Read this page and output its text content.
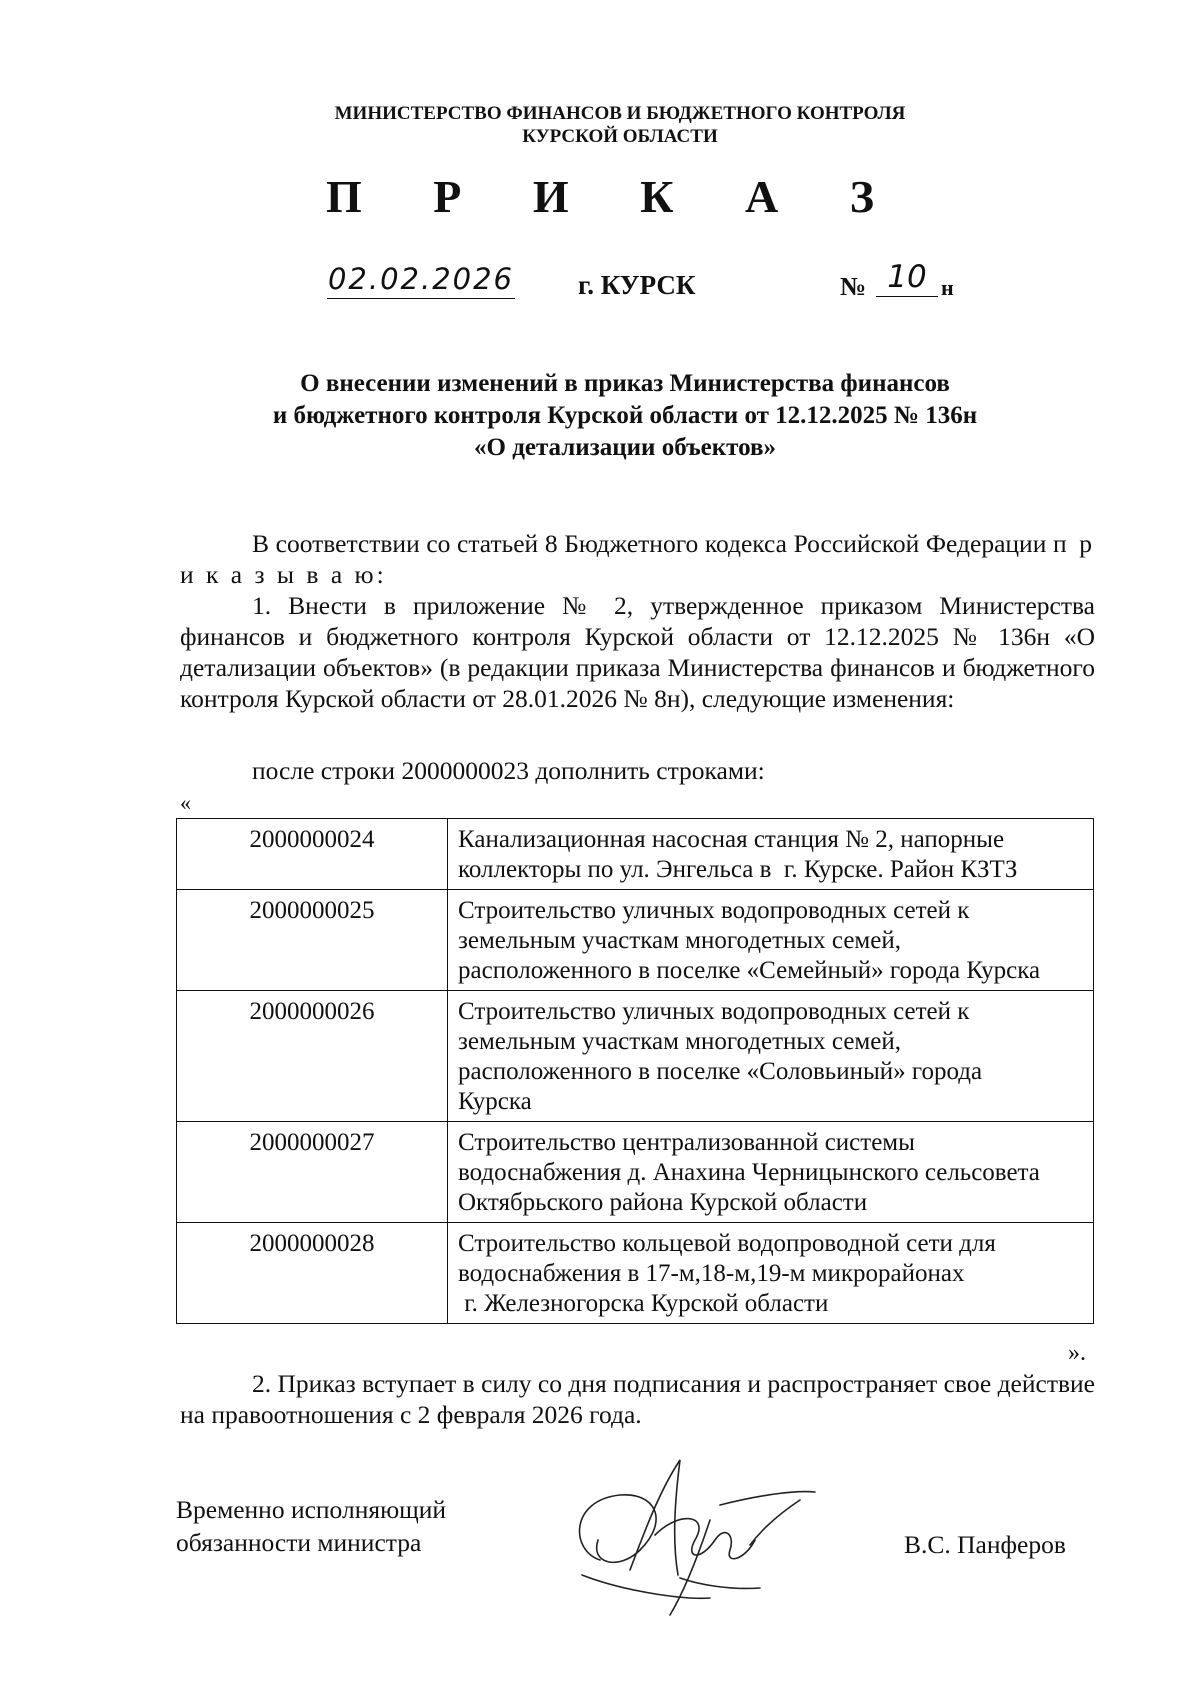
МИНИСТЕРСТВО ФИНАНСОВ И БЮДЖЕТНОГО КОНТРОЛЯ
КУРСКОЙ ОБЛАСТИ
П Р И К А З
02.02.2026 г. КУРСК	№ 10 н
О внесении изменений в приказ Министерства финансов
и бюджетного контроля Курской области от 12.12.2025 № 136н
«О детализации объектов»
В соответствии со статьей 8 Бюджетного кодекса Российской Федерации п р и к а з ы в а ю:
1. Внести в приложение № 2, утвержденное приказом Министерства финансов и бюджетного контроля Курской области от 12.12.2025 № 136н «О детализации объектов» (в редакции приказа Министерства финансов и бюджетного контроля Курской области от 28.01.2026 № 8н), следующие изменения:
после строки 2000000023 дополнить строками:
«
2000000024	Канализационная насосная станция № 2, напорные
коллекторы по ул. Энгельса в  г. Курске. Район КЗТЗ

2000000025	Строительство уличных водопроводных сетей к
земельным участкам многодетных семей,
расположенного в поселке «Семейный» города Курска

2000000026	Строительство уличных водопроводных сетей к
земельным участкам многодетных семей,
расположенного в поселке «Соловьиный» города
Курска

2000000027	Строительство централизованной системы
водоснабжения д. Анахина Черницынского сельсовета
Октябрьского района Курской области

2000000028	Строительство кольцевой водопроводной сети для
водоснабжения в 17-м,18-м,19-м микрорайонах
г. Железногорска Курской области
».
2. Приказ вступает в силу со дня подписания и распространяет свое действие на правоотношения с 2 февраля 2026 года.
Временно исполняющий
обязанности министра	В.С. Панферов
